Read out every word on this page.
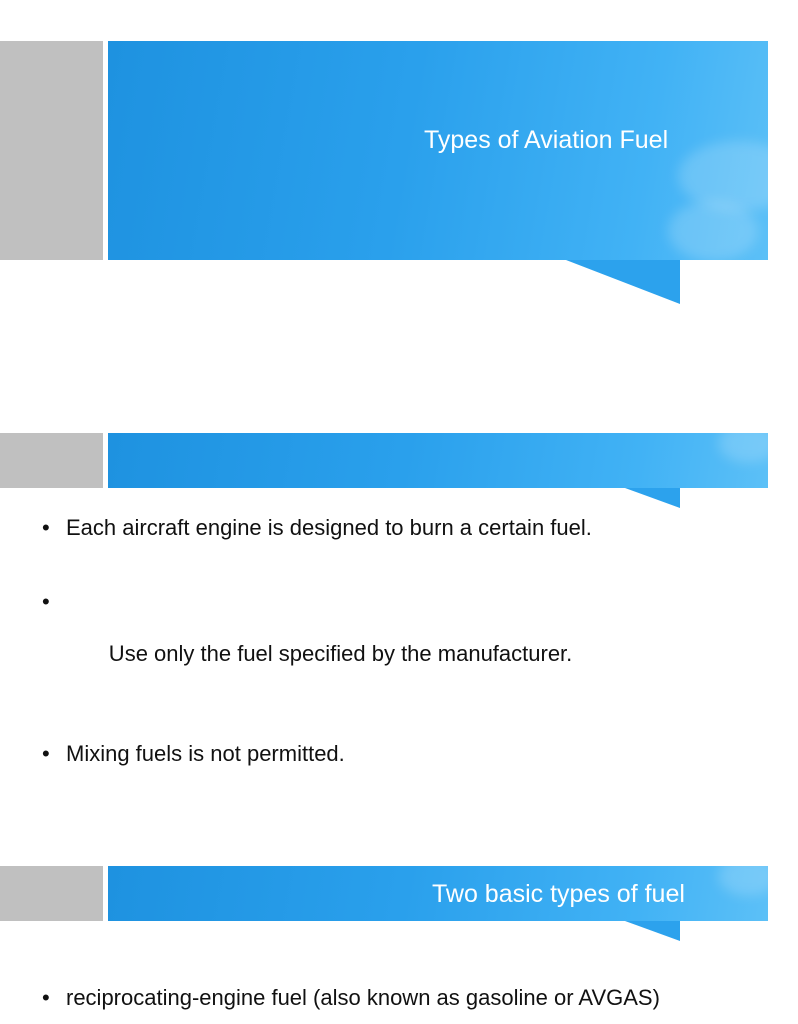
Types of Aviation Fuel
• Each aircraft engine is designed to burn a certain fuel.

•

Use only the fuel specified by the manufacturer.

• Mixing fuels is not permitted.
Two basic types of fuel
• reciprocating-engine fuel (also known as gasoline or AVGAS)
